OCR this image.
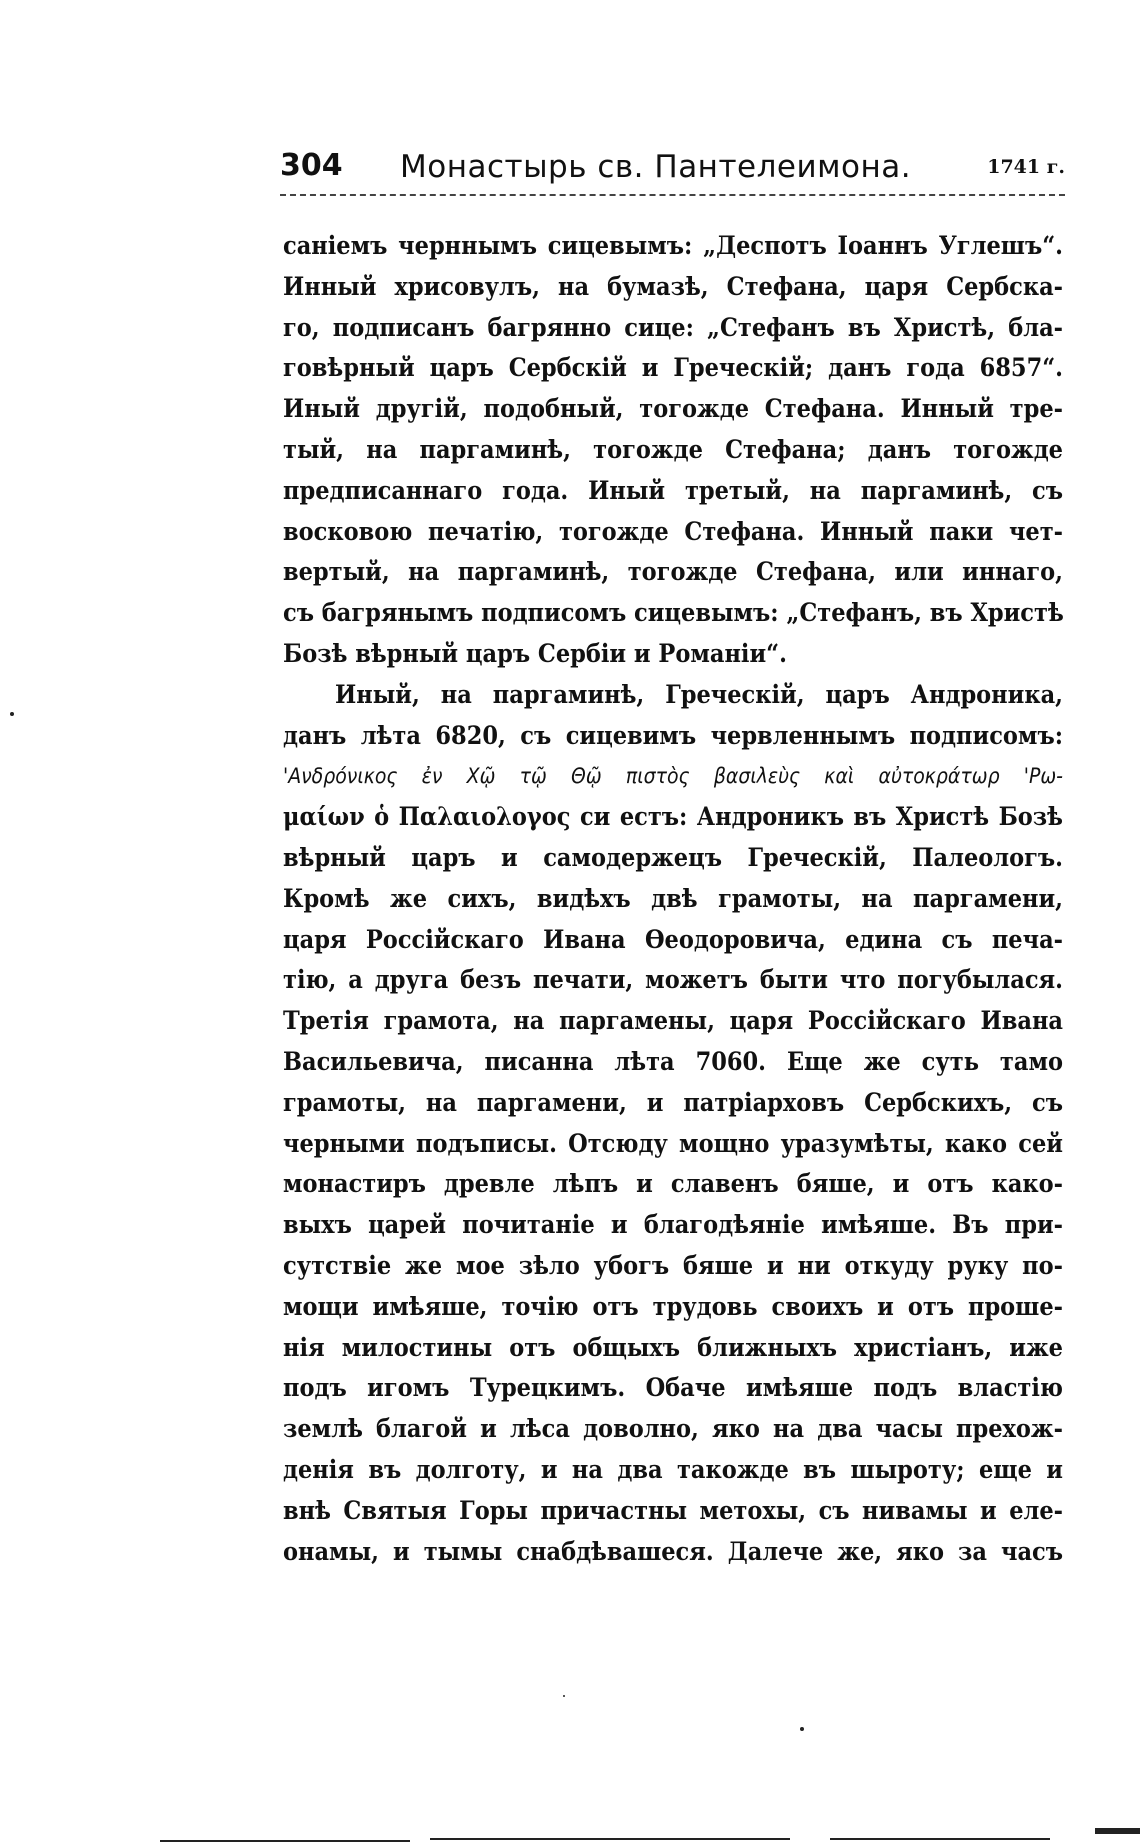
304 Монастырь св. Пантелеимона.	1741 г.
саніемъ черннымъ сицевымъ: „Деспотъ Іоаннъ Углешъ“.
Инный хрисовулъ, на бумазѣ, Стефана, царя Сербска-
го, подписанъ багрянно сице: „Стефанъ въ Христѣ, бла-
говѣрный царъ Сербскій и Греческій; данъ года 6857“.
Иный другій, подобный, тогожде Стефана. Инный тре-
тый, на паргаминѣ, тогожде Стефана; данъ тогожде
предписаннаго года. Иный третый, на паргаминѣ, съ
восковою печатію, тогожде Стефана. Инный паки чет-
вертый, на паргаминѣ, тогожде Стефана, или иннаго,
съ багрянымъ подписомъ сицевымъ: „Стефанъ, въ Христѣ
Бозѣ вѣрный царъ Сербіи и Романіи“.
Иный, на паргаминѣ, Греческій, царъ Андроника,
данъ лѣта 6820, съ сицевимъ червленнымъ подписомъ:
'Ανδρόνικος ἐν Χῷ τῷ Θῷ πιστὸς βασιλεὺς καὶ αὐτοκράτωρ 'Ρω-
μαίων ὁ Παλαιολογος си естъ: Андроникъ въ Христѣ Бозѣ
вѣрный царъ и самодержецъ Греческій, Палеологъ.
Кромѣ же сихъ, видѣхъ двѣ грамоты, на паргамени,
царя Россійскаго Ивана Өеодоровича, едина съ печа-
тію, а друга безъ печати, можетъ быти что погубылася.
Третія грамота, на паргамены, царя Россійскаго Ивана
Васильевича, писанна лѣта 7060. Еще же суть тамо
грамоты, на паргамени, и патріарховъ Сербскихъ, съ
черными подъписы. Отсюду мощно уразумѣты, како сей
монастиръ древле лѣпъ и славенъ бяше, и отъ како-
выхъ царей почитаніе и благодѣяніе имѣяше. Въ при-
сутствіе же мое зѣло убогъ бяше и ни откуду руку по-
мощи имѣяше, точію отъ трудовь своихъ и отъ проше-
нія милостины отъ общыхъ ближныхъ христіанъ, иже
подъ игомъ Турецкимъ. Обаче имѣяше подъ властію
землѣ благой и лѣса доволно, яко на два часы прехож-
денія въ долготу, и на два такожде въ шыроту; еще и
внѣ Святыя Горы причастны метохы, съ нивамы и еле-
онамы, и тымы снабдѣвашеся. Далече же, яко за часъ
